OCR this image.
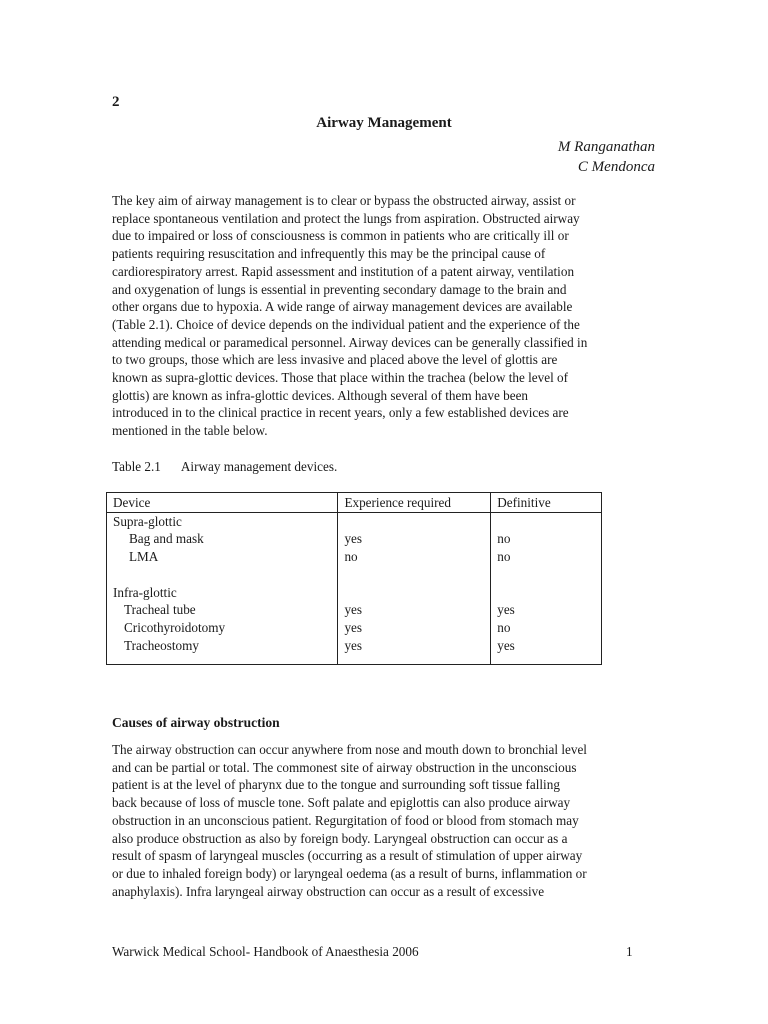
2
Airway Management
M Ranganathan
C Mendonca

The key aim of airway management is to clear or bypass the obstructed airway, assist or
replace spontaneous ventilation and protect the lungs from aspiration. Obstructed airway
due to impaired or loss of consciousness is common in patients who are critically ill or
patients requiring resuscitation and infrequently this may be the principal cause of
cardiorespiratory arrest. Rapid assessment and institution of a patent airway, ventilation
and oxygenation of lungs is essential in preventing secondary damage to the brain and
other organs due to hypoxia. A wide range of airway management devices are available
(Table 2.1). Choice of device depends on the individual patient and the experience of the
attending medical or paramedical personnel. Airway devices can be generally classified in
to two groups, those which are less invasive and placed above the level of glottis are
known as supra-glottic devices. Those that place within the trachea (below the level of
glottis) are known as infra-glottic devices. Although several of them have been
introduced in to the clinical practice in recent years, only a few established devices are
mentioned in the table below.

Table 2.1 Airway management devices.
Device	Experience required	Definitive
Supra-glottic		
Bag and mask	yes	no
LMA	no	no

Infra-glottic		
Tracheal tube	yes	yes
Cricothyroidotomy	yes	no
Tracheostomy	yes	yes
Causes of airway obstruction

The airway obstruction can occur anywhere from nose and mouth down to bronchial level
and can be partial or total. The commonest site of airway obstruction in the unconscious
patient is at the level of pharynx due to the tongue and surrounding soft tissue falling
back because of loss of muscle tone. Soft palate and epiglottis can also produce airway
obstruction in an unconscious patient. Regurgitation of food or blood from stomach may
also produce obstruction as also by foreign body. Laryngeal obstruction can occur as a
result of spasm of laryngeal muscles (occurring as a result of stimulation of upper airway
or due to inhaled foreign body) or laryngeal oedema (as a result of burns, inflammation or
anaphylaxis). Infra laryngeal airway obstruction can occur as a result of excessive

Warwick Medical School- Handbook of Anaesthesia 2006	1
